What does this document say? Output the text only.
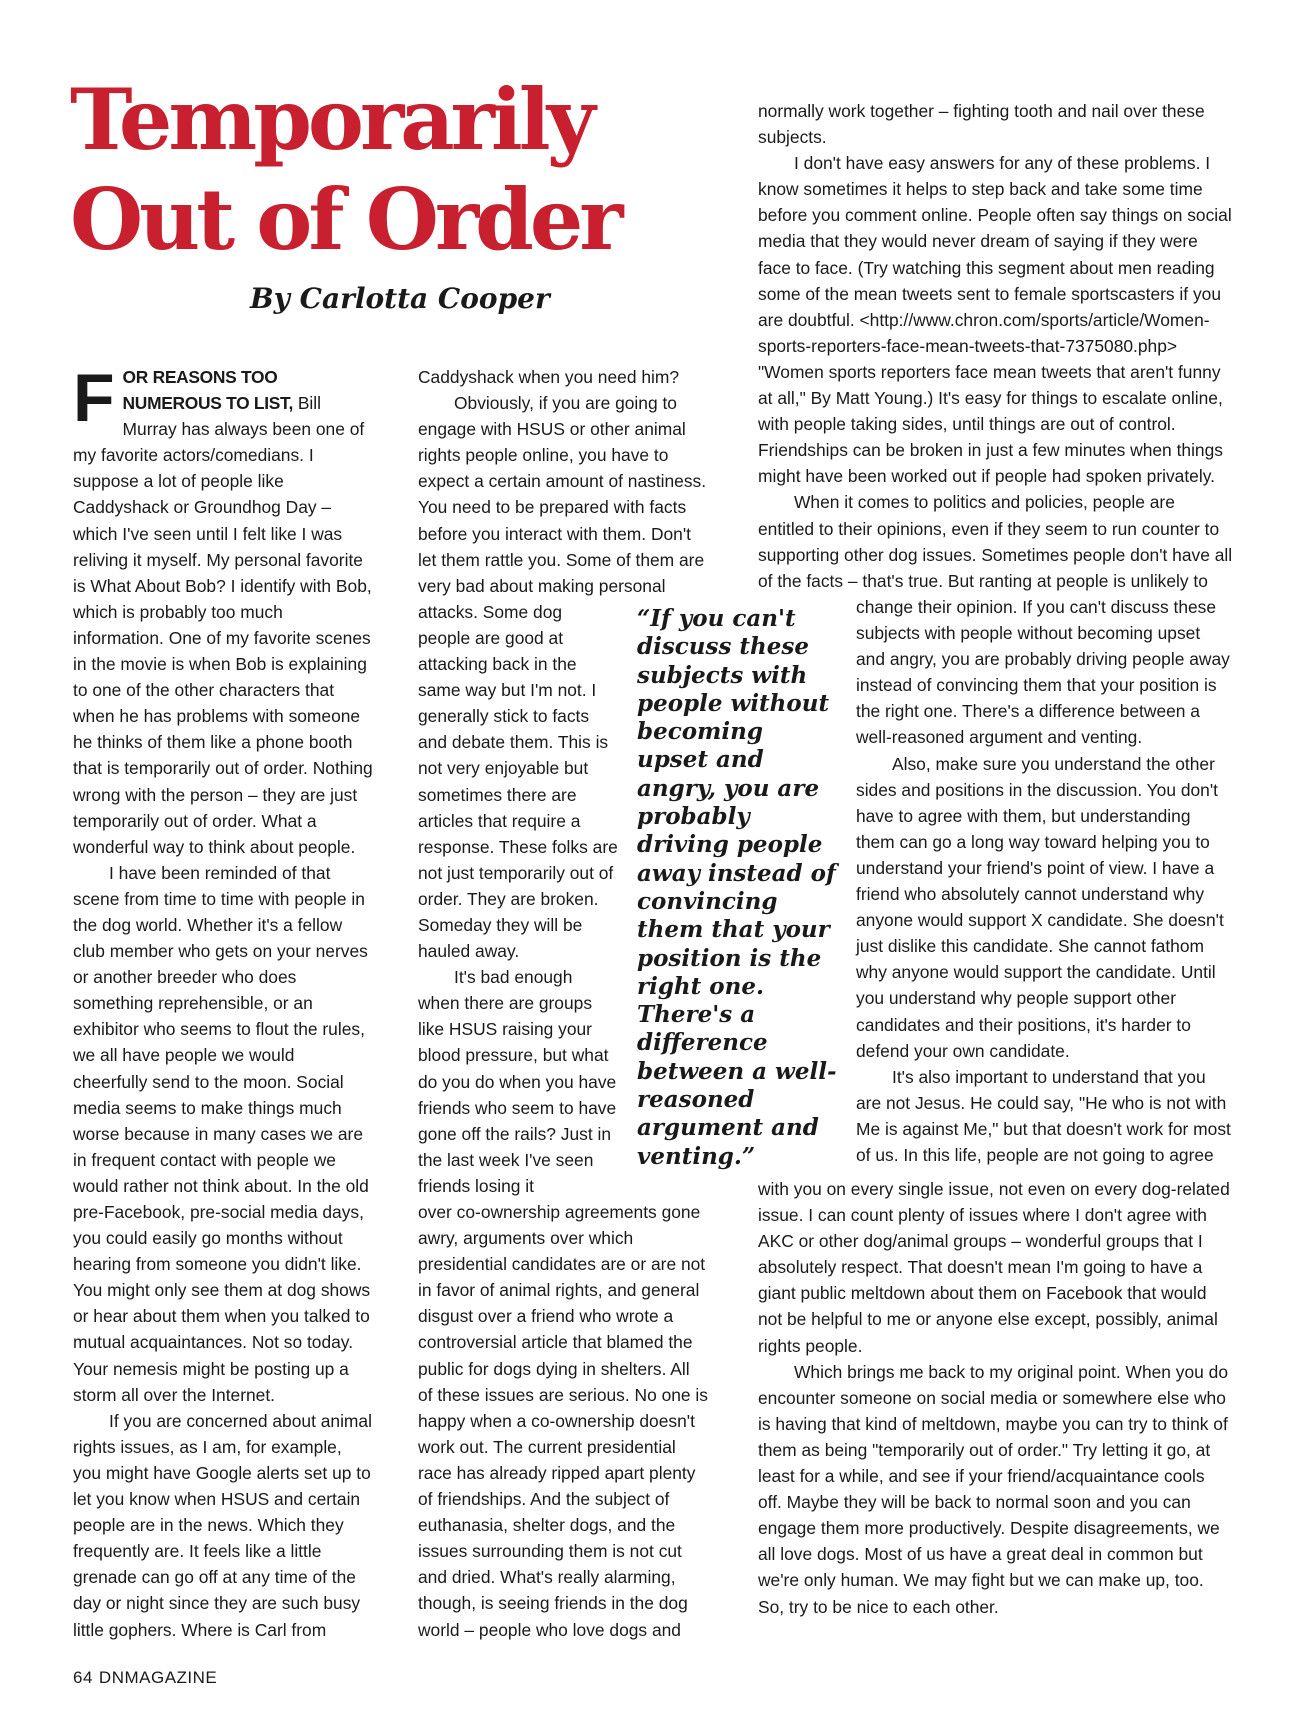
Temporarily
Out of Order
By Carlotta Cooper

FOR REASONS TOO NUMEROUS TO LIST, Bill Murray has always been one of my favorite actors/comedians. I suppose a lot of people like Caddyshack or Groundhog Day – which I've seen until I felt like I was reliving it myself. My personal favorite is What About Bob? I identify with Bob, which is probably too much information. One of my favorite scenes in the movie is when Bob is explaining to one of the other characters that when he has problems with someone he thinks of them like a phone booth that is temporarily out of order. Nothing wrong with the person – they are just temporarily out of order. What a wonderful way to think about people.

I have been reminded of that scene from time to time with people in the dog world. Whether it's a fellow club member who gets on your nerves or another breeder who does something reprehensible, or an exhibitor who seems to flout the rules, we all have people we would cheerfully send to the moon. Social media seems to make things much worse because in many cases we are in frequent contact with people we would rather not think about. In the old pre-Facebook, pre-social media days, you could easily go months without hearing from someone you didn't like. You might only see them at dog shows or hear about them when you talked to mutual acquaintances. Not so today. Your nemesis might be posting up a storm all over the Internet.

If you are concerned about animal rights issues, as I am, for example, you might have Google alerts set up to let you know when HSUS and certain people are in the news. Which they frequently are. It feels like a little grenade can go off at any time of the day or night since they are such busy little gophers. Where is Carl from

Caddyshack when you need him?

Obviously, if you are going to engage with HSUS or other animal rights people online, you have to expect a certain amount of nastiness. You need to be prepared with facts before you interact with them. Don't let them rattle you. Some of them are very bad about making personal

attacks. Some dog people are good at attacking back in the same way but I'm not. I generally stick to facts and debate them. This is not very enjoyable but sometimes there are articles that require a response. These folks are not just temporarily out of order. They are broken. Someday they will be hauled away.

It's bad enough when there are groups like HSUS raising your blood pressure, but what do you do when you have friends who seem to have gone off the rails? Just in the last week I've seen friends losing it

over co-ownership agreements gone awry, arguments over which presidential candidates are or are not in favor of animal rights, and general disgust over a friend who wrote a controversial article that blamed the public for dogs dying in shelters. All of these issues are serious. No one is happy when a co-ownership doesn't work out. The current presidential race has already ripped apart plenty of friendships. And the subject of euthanasia, shelter dogs, and the issues surrounding them is not cut and dried. What's really alarming, though, is seeing friends in the dog world – people who love dogs and

“If you can't discuss these subjects with people without becoming upset and angry, you are probably driving people away instead of convincing them that your position is the right one. There's a difference between a well-reasoned argument and venting.”

normally work together – fighting tooth and nail over these subjects.

I don't have easy answers for any of these problems. I know sometimes it helps to step back and take some time before you comment online. People often say things on social media that they would never dream of saying if they were face to face. (Try watching this segment about men reading some of the mean tweets sent to female sportscasters if you are doubtful. <http://www.chron.com/sports/article/Women-sports-reporters-face-mean-tweets-that-7375080.php> "Women sports reporters face mean tweets that aren't funny at all," By Matt Young.) It's easy for things to escalate online, with people taking sides, until things are out of control. Friendships can be broken in just a few minutes when things might have been worked out if people had spoken privately.

When it comes to politics and policies, people are entitled to their opinions, even if they seem to run counter to supporting other dog issues. Sometimes people don't have all of the facts – that's true. But ranting at people is unlikely to

change their opinion. If you can't discuss these subjects with people without becoming upset and angry, you are probably driving people away instead of convincing them that your position is the right one. There's a difference between a well-reasoned argument and venting.

Also, make sure you understand the other sides and positions in the discussion. You don't have to agree with them, but understanding them can go a long way toward helping you to understand your friend's point of view. I have a friend who absolutely cannot understand why anyone would support X candidate. She doesn't just dislike this candidate. She cannot fathom why anyone would support the candidate. Until you understand why people support other candidates and their positions, it's harder to defend your own candidate.

It's also important to understand that you are not Jesus. He could say, "He who is not with Me is against Me," but that doesn't work for most of us. In this life, people are not going to agree

with you on every single issue, not even on every dog-related issue. I can count plenty of issues where I don't agree with AKC or other dog/animal groups – wonderful groups that I absolutely respect. That doesn't mean I'm going to have a giant public meltdown about them on Facebook that would not be helpful to me or anyone else except, possibly, animal rights people.

Which brings me back to my original point. When you do encounter someone on social media or somewhere else who is having that kind of meltdown, maybe you can try to think of them as being "temporarily out of order." Try letting it go, at least for a while, and see if your friend/acquaintance cools off. Maybe they will be back to normal soon and you can engage them more productively. Despite disagreements, we all love dogs. Most of us have a great deal in common but we're only human. We may fight but we can make up, too. So, try to be nice to each other.

64 DNMAGAZINE
